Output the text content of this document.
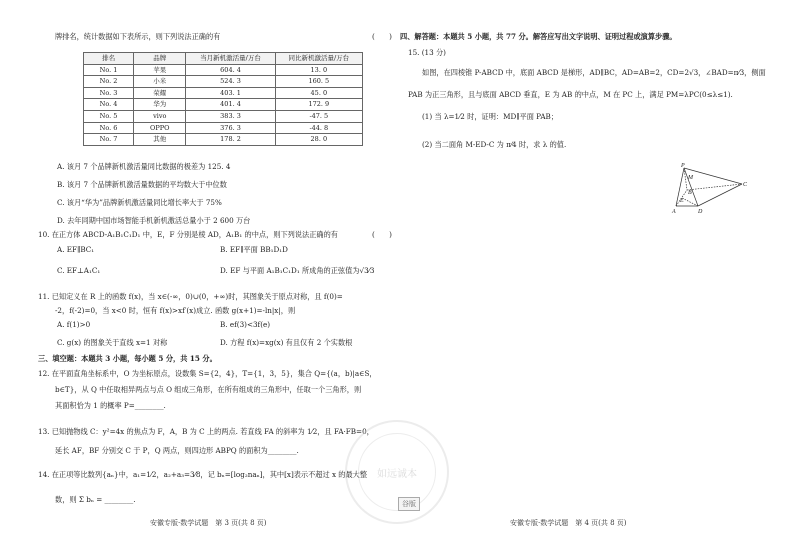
牌排名，统计数据如下表所示，则下列说法正确的有	(　　)
排名	品牌	当月新机激活量/万台	同比新机激活量/万台
No. 1	苹果	604. 4	13. 0
No. 2	小米	524. 3	160. 5
No. 3	荣耀	403. 1	45. 0
No. 4	华为	401. 4	172. 9
No. 5	vivo	383. 3	-47. 5
No. 6	OPPO	376. 3	-44. 8
No. 7	其他	178. 2	28. 0
A. 该月 7 个品牌新机激活量同比数据的极差为 125. 4
B. 该月 7 个品牌新机激活量数据的平均数大于中位数
C. 该月“华为”品牌新机激活量同比增长率大于 75%
D. 去年同期中国市场智能手机新机激活总量小于 2 600 万台
10. 在正方体 ABCD-A₁B₁C₁D₁ 中，E，F 分别是棱 AD，A₁B₁ 的中点，则下列说法正确的有	(　　)
A. EF∥BC₁	B. EF∥平面 BB₁D₁D
C. EF⊥A₁C₁	D. EF 与平面 A₁B₁C₁D₁ 所成角的正弦值为√3⁄3
11. 已知定义在 R 上的函数 f(x)，当 x∈(-∞，0)∪(0，+∞)时，其图象关于原点对称，且 f(0)=
-2，f(-2)=0，当 x<0 时，恒有 f(x)>xf′(x)成立. 函数 g(x+1)=-ln|x|，则
A. f(1)>0	B. ef(3)<3f(e)
C. g(x) 的图象关于直线 x=1 对称	D. 方程 f(x)=xg(x) 有且仅有 2 个实数根
三、填空题：本题共 3 小题，每小题 5 分，共 15 分。
12. 在平面直角坐标系中，O 为坐标原点，设数集 S={2，4}，T={1，3，5}，集合 Q={(a，b)|a∈S，
b∈T}，从 Q 中任取相异两点与点 O 组成三角形，在所有组成的三角形中，任取一个三角形，则
其面积恰为 1 的概率 P=________.
13. 已知抛物线 C：y²=4x 的焦点为 F，A，B 为 C 上的两点. 若直线 FA 的斜率为 1⁄2，且 FA·FB=0，
延长 AF，BF 分别交 C 于 P，Q 两点，则四边形 ABPQ 的面积为________.
14. 在正项等比数列{aₙ}中，a₁=1⁄2，a₂+a₃=3⁄8，记 bₙ=[log₂naₙ]，其中[x]表示不超过 x 的最大整
数，则 Σ bₙ = ________.
安徽专版·数学试题　第 3 页(共 8 页)
四、解答题：本题共 5 小题，共 77 分。解答应写出文字说明、证明过程或演算步骤。
15. (13 分)
如图，在四棱锥 P-ABCD 中，底面 ABCD 是梯形，AD∥BC，AD=AB=2，CD=2√3，∠BAD=π⁄3，侧面
PAB 为正三角形，且与底面 ABCD 垂直，E 为 AB 的中点，M 在 PC 上，满足 PM=λPC(0≤λ≤1).
(1) 当 λ=1⁄2 时，证明：MD∥平面 PAB；
(2) 当二面角 M-ED-C 为 π⁄4 时，求 λ 的值.
P
M
B
C
A
E
D
安徽专版·数学试题　第 4 页(共 8 页)
如远诚本
谷版
